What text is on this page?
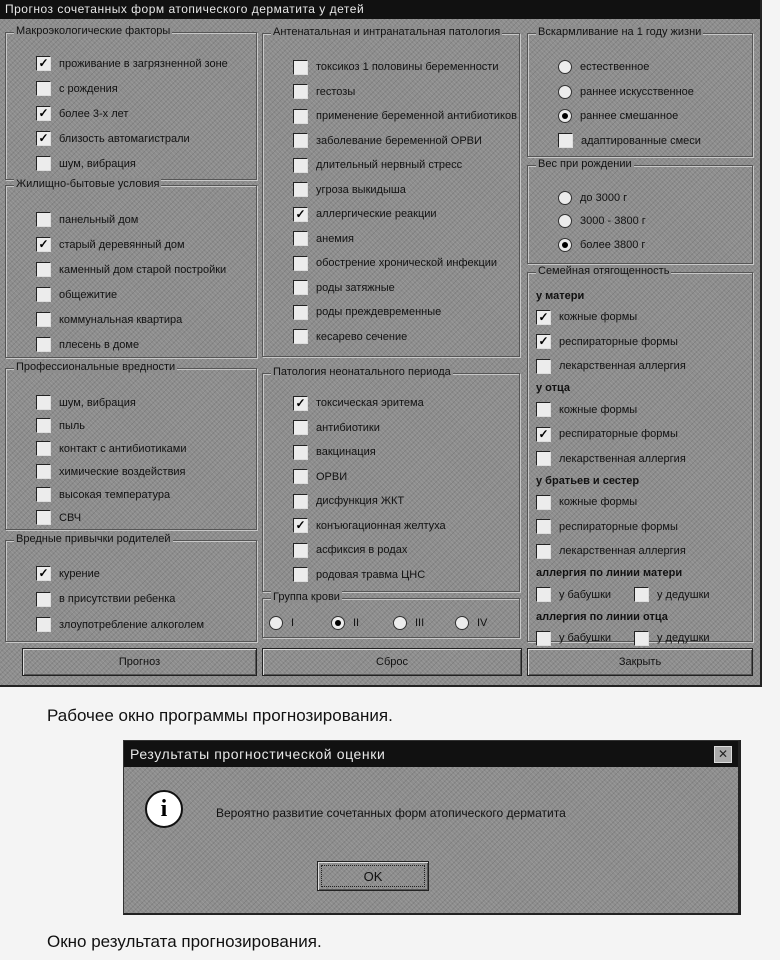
Прогноз сочетанных форм атопического дерматита у детей
Макроэкологические факторы
✓ проживание в загрязненной зоне
с рождения
✓ более 3-х лет
✓ близость автомагистрали
шум, вибрация
Жилищно-бытовые условия
панельный дом
✓ старый деревянный дом
каменный дом старой постройки
общежитие
коммунальная квартира
плесень в доме
Профессиональные вредности
шум, вибрация
пыль
контакт с антибиотиками
химические воздействия
высокая температура
СВЧ
Вредные привычки родителей
✓ курение
в присутствии ребенка
злоупотребление алкоголем
Антенатальная и интранатальная патология
токсикоз 1 половины беременности
гестозы
применение беременной антибиотиков
заболевание беременной ОРВИ
длительный нервный стресс
угроза выкидыша
✓ аллергические реакции
анемия
обострение хронической инфекции
роды затяжные
роды преждевременные
кесарево сечение
Патология неонатального периода
✓ токсическая эритема
антибиотики
вакцинация
ОРВИ
дисфункция ЖКТ
✓ конъюгационная желтуха
асфиксия в родах
родовая травма ЦНС
Группа крови
I	II	III	IV
Вскармливание на 1 году жизни
естественное
раннее искусственное
раннее смешанное
адаптированные смеси
Вес при рождении
до 3000 г
3000 - 3800 г
более 3800 г
Семейная отягощенность
у матери
✓ кожные формы
✓ респираторные формы
лекарственная аллергия
у отца
кожные формы
✓ респираторные формы
лекарственная аллергия
у братьев и сестер
кожные формы
респираторные формы
лекарственная аллергия
аллергия по линии матери
у бабушки	у дедушки
аллергия по линии отца
у бабушки	у дедушки
Прогноз	Сброс	Закрыть
Рабочее окно программы прогнозирования.
Результаты прогностической оценки	✕
i	Вероятно развитие сочетанных форм атопического дерматита
OK
Окно результата прогнозирования.
